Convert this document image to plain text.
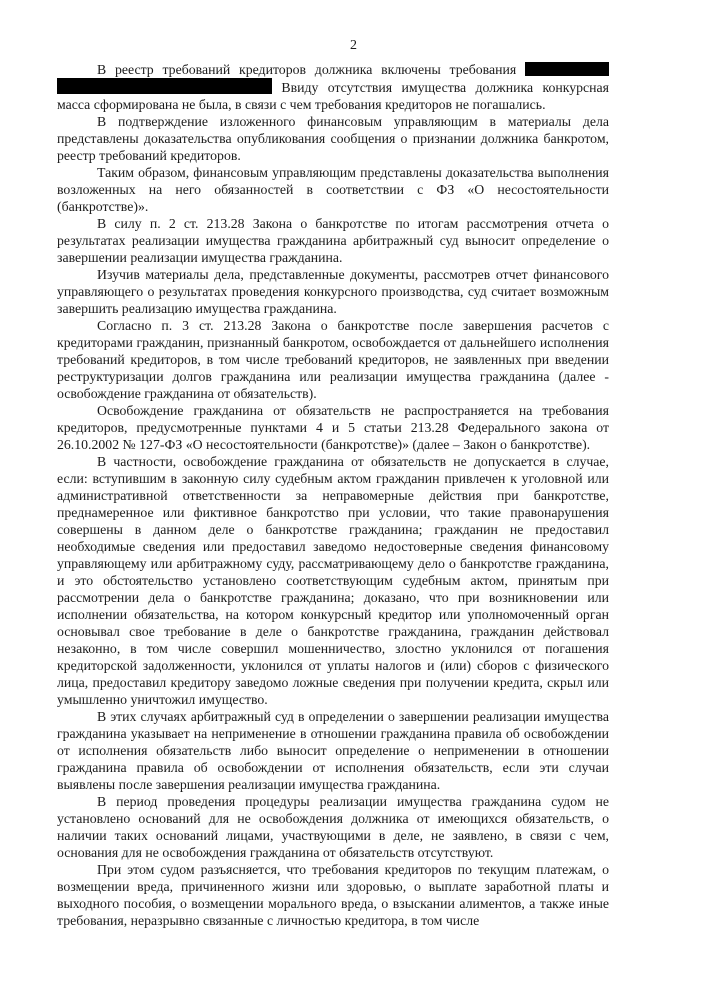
2

В реестр требований кредиторов должника включены требования   Ввиду отсутствия имущества должника конкурсная масса сформирована не была, в связи с чем требования кредиторов не погашались.

В подтверждение изложенного финансовым управляющим в материалы дела представлены доказательства опубликования сообщения о признании должника банкротом, реестр требований кредиторов.

Таким образом, финансовым управляющим представлены доказательства выполнения возложенных на него обязанностей в соответствии с ФЗ «О несостоятельности (банкротстве)».

В силу п. 2 ст. 213.28 Закона о банкротстве по итогам рассмотрения отчета о результатах реализации имущества гражданина арбитражный суд выносит определение о завершении реализации имущества гражданина.

Изучив материалы дела, представленные документы, рассмотрев отчет финансового управляющего о результатах проведения конкурсного производства, суд считает возможным завершить реализацию имущества гражданина.

Согласно п. 3 ст. 213.28 Закона о банкротстве после завершения расчетов с кредиторами гражданин, признанный банкротом, освобождается от дальнейшего исполнения требований кредиторов, в том числе требований кредиторов, не заявленных при введении реструктуризации долгов гражданина или реализации имущества гражданина (далее - освобождение гражданина от обязательств).

Освобождение гражданина от обязательств не распространяется на требования кредиторов, предусмотренные пунктами 4 и 5 статьи 213.28 Федерального закона от 26.10.2002 № 127-ФЗ «О несостоятельности (банкротстве)» (далее – Закон о банкротстве).

В частности, освобождение гражданина от обязательств не допускается в случае, если: вступившим в законную силу судебным актом гражданин привлечен к уголовной или административной ответственности за неправомерные действия при банкротстве, преднамеренное или фиктивное банкротство при условии, что такие правонарушения совершены в данном деле о банкротстве гражданина; гражданин не предоставил необходимые сведения или предоставил заведомо недостоверные сведения финансовому управляющему или арбитражному суду, рассматривающему дело о банкротстве гражданина, и это обстоятельство установлено соответствующим судебным актом, принятым при рассмотрении дела о банкротстве гражданина; доказано, что при возникновении или исполнении обязательства, на котором конкурсный кредитор или уполномоченный орган основывал свое требование в деле о банкротстве гражданина, гражданин действовал незаконно, в том числе совершил мошенничество, злостно уклонился от погашения кредиторской задолженности, уклонился от уплаты налогов и (или) сборов с физического лица, предоставил кредитору заведомо ложные сведения при получении кредита, скрыл или умышленно уничтожил имущество.

В этих случаях арбитражный суд в определении о завершении реализации имущества гражданина указывает на неприменение в отношении гражданина правила об освобождении от исполнения обязательств либо выносит определение о неприменении в отношении гражданина правила об освобождении от исполнения обязательств, если эти случаи выявлены после завершения реализации имущества гражданина.

В период проведения процедуры реализации имущества гражданина судом не установлено оснований для не освобождения должника от имеющихся обязательств, о наличии таких оснований лицами, участвующими в деле, не заявлено, в связи с чем, основания для не освобождения гражданина от обязательств отсутствуют.

При этом судом разъясняется, что требования кредиторов по текущим платежам, о возмещении вреда, причиненного жизни или здоровью, о выплате заработной платы и выходного пособия, о возмещении морального вреда, о взыскании алиментов, а также иные требования, неразрывно связанные с личностью кредитора, в том числе
